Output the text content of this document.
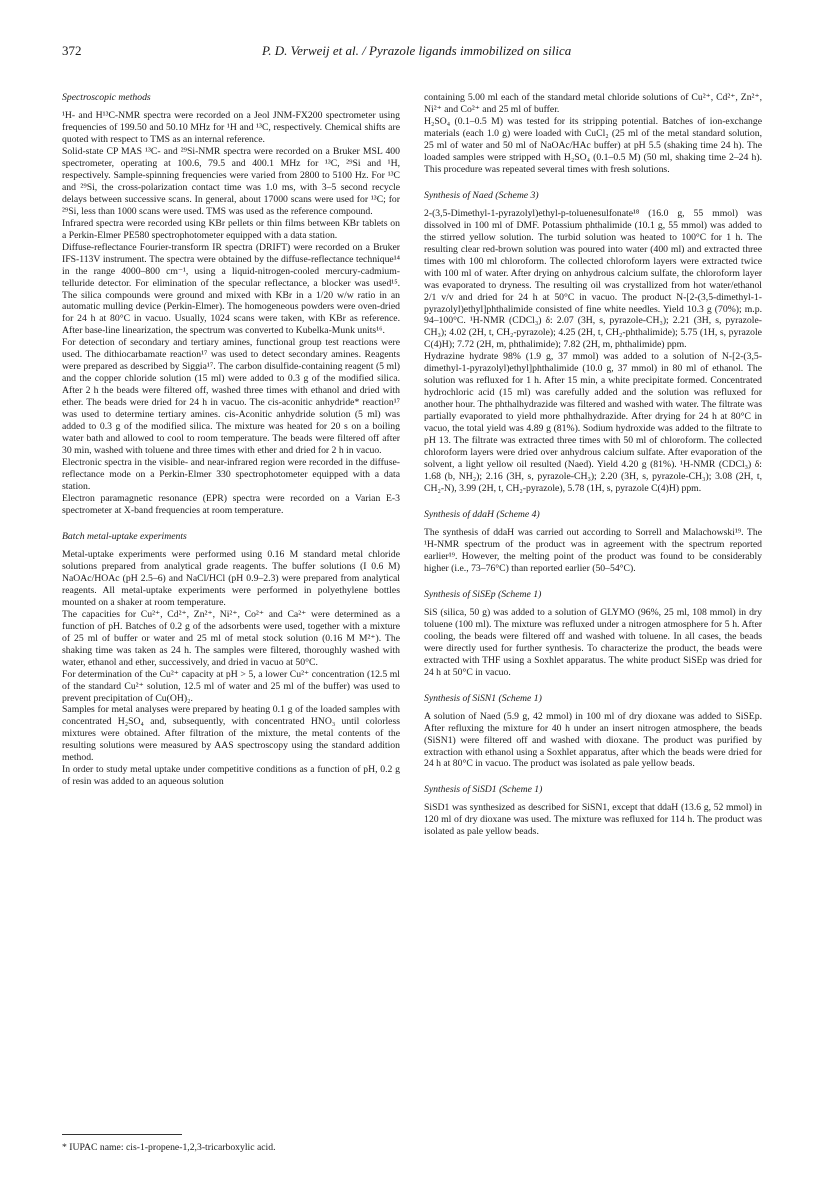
372	P. D. Verweij et al. / Pyrazole ligands immobilized on silica
Spectroscopic methods

¹H- and H¹³C-NMR spectra were recorded on a Jeol JNM-FX200 spectrometer using frequencies of 199.50 and 50.10 MHz for ¹H and ¹³C, respectively. Chemical shifts are quoted with respect to TMS as an internal reference.

Solid-state CP MAS ¹³C- and ²⁹Si-NMR spectra were recorded on a Bruker MSL 400 spectrometer, operating at 100.6, 79.5 and 400.1 MHz for ¹³C, ²⁹Si and ¹H, respectively. Sample-spinning frequencies were varied from 2800 to 5100 Hz. For ¹³C and ²⁹Si, the cross-polarization contact time was 1.0 ms, with 3–5 second recycle delays between successive scans. In general, about 17000 scans were used for ¹³C; for ²⁹Si, less than 1000 scans were used. TMS was used as the reference compound.

Infrared spectra were recorded using KBr pellets or thin films between KBr tablets on a Perkin-Elmer PE580 spectrophotometer equipped with a data station.

Diffuse-reflectance Fourier-transform IR spectra (DRIFT) were recorded on a Bruker IFS-113V instrument. The spectra were obtained by the diffuse-reflectance technique¹⁴ in the range 4000–800 cm⁻¹, using a liquid-nitrogen-cooled mercury-cadmium-telluride detector. For elimination of the specular reflectance, a blocker was used¹⁵. The silica compounds were ground and mixed with KBr in a 1/20 w/w ratio in an automatic mulling device (Perkin-Elmer). The homogeneous powders were oven-dried for 24 h at 80°C in vacuo. Usually, 1024 scans were taken, with KBr as reference. After base-line linearization, the spectrum was converted to Kubelka-Munk units¹⁶.

For detection of secondary and tertiary amines, functional group test reactions were used. The dithiocarbamate reaction¹⁷ was used to detect secondary amines. Reagents were prepared as described by Siggia¹⁷. The carbon disulfide-containing reagent (5 ml) and the copper chloride solution (15 ml) were added to 0.3 g of the modified silica. After 2 h the beads were filtered off, washed three times with ethanol and dried with ether. The beads were dried for 24 h in vacuo. The cis-aconitic anhydride* reaction¹⁷ was used to determine tertiary amines. cis-Aconitic anhydride solution (5 ml) was added to 0.3 g of the modified silica. The mixture was heated for 20 s on a boiling water bath and allowed to cool to room temperature. The beads were filtered off after 30 min, washed with toluene and three times with ether and dried for 2 h in vacuo.

Electronic spectra in the visible- and near-infrared region were recorded in the diffuse-reflectance mode on a Perkin-Elmer 330 spectrophotometer equipped with a data station.

Electron paramagnetic resonance (EPR) spectra were recorded on a Varian E-3 spectrometer at X-band frequencies at room temperature.

Batch metal-uptake experiments

Metal-uptake experiments were performed using 0.16 M standard metal chloride solutions prepared from analytical grade reagents. The buffer solutions (I 0.6 M) NaOAc/HOAc (pH 2.5–6) and NaCl/HCl (pH 0.9–2.3) were prepared from analytical reagents. All metal-uptake experiments were performed in polyethylene bottles mounted on a shaker at room temperature.

The capacities for Cu²⁺, Cd²⁺, Zn²⁺, Ni²⁺, Co²⁺ and Ca²⁺ were determined as a function of pH. Batches of 0.2 g of the adsorbents were used, together with a mixture of 25 ml of buffer or water and 25 ml of metal stock solution (0.16 M M²⁺). The shaking time was taken as 24 h. The samples were filtered, thoroughly washed with water, ethanol and ether, successively, and dried in vacuo at 50°C.

For determination of the Cu²⁺ capacity at pH > 5, a lower Cu²⁺ concentration (12.5 ml of the standard Cu²⁺ solution, 12.5 ml of water and 25 ml of the buffer) was used to prevent precipitation of Cu(OH)₂.

Samples for metal analyses were prepared by heating 0.1 g of the loaded samples with concentrated H₂SO₄ and, subsequently, with concentrated HNO₃ until colorless mixtures were obtained. After filtration of the mixture, the metal contents of the resulting solutions were measured by AAS spectroscopy using the standard addition method.

In order to study metal uptake under competitive conditions as a function of pH, 0.2 g of resin was added to an aqueous solution

containing 5.00 ml each of the standard metal chloride solutions of Cu²⁺, Cd²⁺, Zn²⁺, Ni²⁺ and Co²⁺ and 25 ml of buffer.

H₂SO₄ (0.1–0.5 M) was tested for its stripping potential. Batches of ion-exchange materials (each 1.0 g) were loaded with CuCl₂ (25 ml of the metal standard solution, 25 ml of water and 50 ml of NaOAc/HAc buffer) at pH 5.5 (shaking time 24 h). The loaded samples were stripped with H₂SO₄ (0.1–0.5 M) (50 ml, shaking time 2–24 h). This procedure was repeated several times with fresh solutions.

Synthesis of Naed (Scheme 3)

2-(3,5-Dimethyl-1-pyrazolyl)ethyl-p-toluenesulfonate¹⁸ (16.0 g, 55 mmol) was dissolved in 100 ml of DMF. Potassium phthalimide (10.1 g, 55 mmol) was added to the stirred yellow solution. The turbid solution was heated to 100°C for 1 h. The resulting clear red-brown solution was poured into water (400 ml) and extracted three times with 100 ml chloroform. The collected chloroform layers were extracted twice with 100 ml of water. After drying on anhydrous calcium sulfate, the chloroform layer was evaporated to dryness. The resulting oil was crystallized from hot water/ethanol 2/1 v/v and dried for 24 h at 50°C in vacuo. The product N-[2-(3,5-dimethyl-1-pyrazolyl)ethyl]phthalimide consisted of fine white needles. Yield 10.3 g (70%); m.p. 94–100°C. ¹H-NMR (CDCl₃) δ: 2.07 (3H, s, pyrazole-CH₃); 2.21 (3H, s, pyrazole-CH₃); 4.02 (2H, t, CH₂-pyrazole); 4.25 (2H, t, CH₂-phthalimide); 5.75 (1H, s, pyrazole C(4)H); 7.72 (2H, m, phthalimide); 7.82 (2H, m, phthalimide) ppm.

Hydrazine hydrate 98% (1.9 g, 37 mmol) was added to a solution of N-[2-(3,5-dimethyl-1-pyrazolyl)ethyl]phthalimide (10.0 g, 37 mmol) in 80 ml of ethanol. The solution was refluxed for 1 h. After 15 min, a white precipitate formed. Concentrated hydrochloric acid (15 ml) was carefully added and the solution was refluxed for another hour. The phthalhydrazide was filtered and washed with water. The filtrate was partially evaporated to yield more phthalhydrazide. After drying for 24 h at 80°C in vacuo, the total yield was 4.89 g (81%). Sodium hydroxide was added to the filtrate to pH 13. The filtrate was extracted three times with 50 ml of chloroform. The collected chloroform layers were dried over anhydrous calcium sulfate. After evaporation of the solvent, a light yellow oil resulted (Naed). Yield 4.20 g (81%). ¹H-NMR (CDCl₃) δ: 1.68 (b, NH₂); 2.16 (3H, s, pyrazole-CH₃); 2.20 (3H, s, pyrazole-CH₃); 3.08 (2H, t, CH₂-N), 3.99 (2H, t, CH₂-pyrazole), 5.78 (1H, s, pyrazole C(4)H) ppm.

Synthesis of ddaH (Scheme 4)

The synthesis of ddaH was carried out according to Sorrell and Malachowski¹⁹. The ¹H-NMR spectrum of the product was in agreement with the spectrum reported earlier¹⁹. However, the melting point of the product was found to be considerably higher (i.e., 73–76°C) than reported earlier (50–54°C).

Synthesis of SiSEp (Scheme 1)

SiS (silica, 50 g) was added to a solution of GLYMO (96%, 25 ml, 108 mmol) in dry toluene (100 ml). The mixture was refluxed under a nitrogen atmosphere for 5 h. After cooling, the beads were filtered off and washed with toluene. In all cases, the beads were directly used for further synthesis. To characterize the product, the beads were extracted with THF using a Soxhlet apparatus. The white product SiSEp was dried for 24 h at 50°C in vacuo.

Synthesis of SiSN1 (Scheme 1)

A solution of Naed (5.9 g, 42 mmol) in 100 ml of dry dioxane was added to SiSEp. After refluxing the mixture for 40 h under an insert nitrogen atmosphere, the beads (SiSN1) were filtered off and washed with dioxane. The product was purified by extraction with ethanol using a Soxhlet apparatus, after which the beads were dried for 24 h at 80°C in vacuo. The product was isolated as pale yellow beads.

Synthesis of SiSD1 (Scheme 1)

SiSD1 was synthesized as described for SiSN1, except that ddaH (13.6 g, 52 mmol) in 120 ml of dry dioxane was used. The mixture was refluxed for 114 h. The product was isolated as pale yellow beads.

* IUPAC name: cis-1-propene-1,2,3-tricarboxylic acid.
